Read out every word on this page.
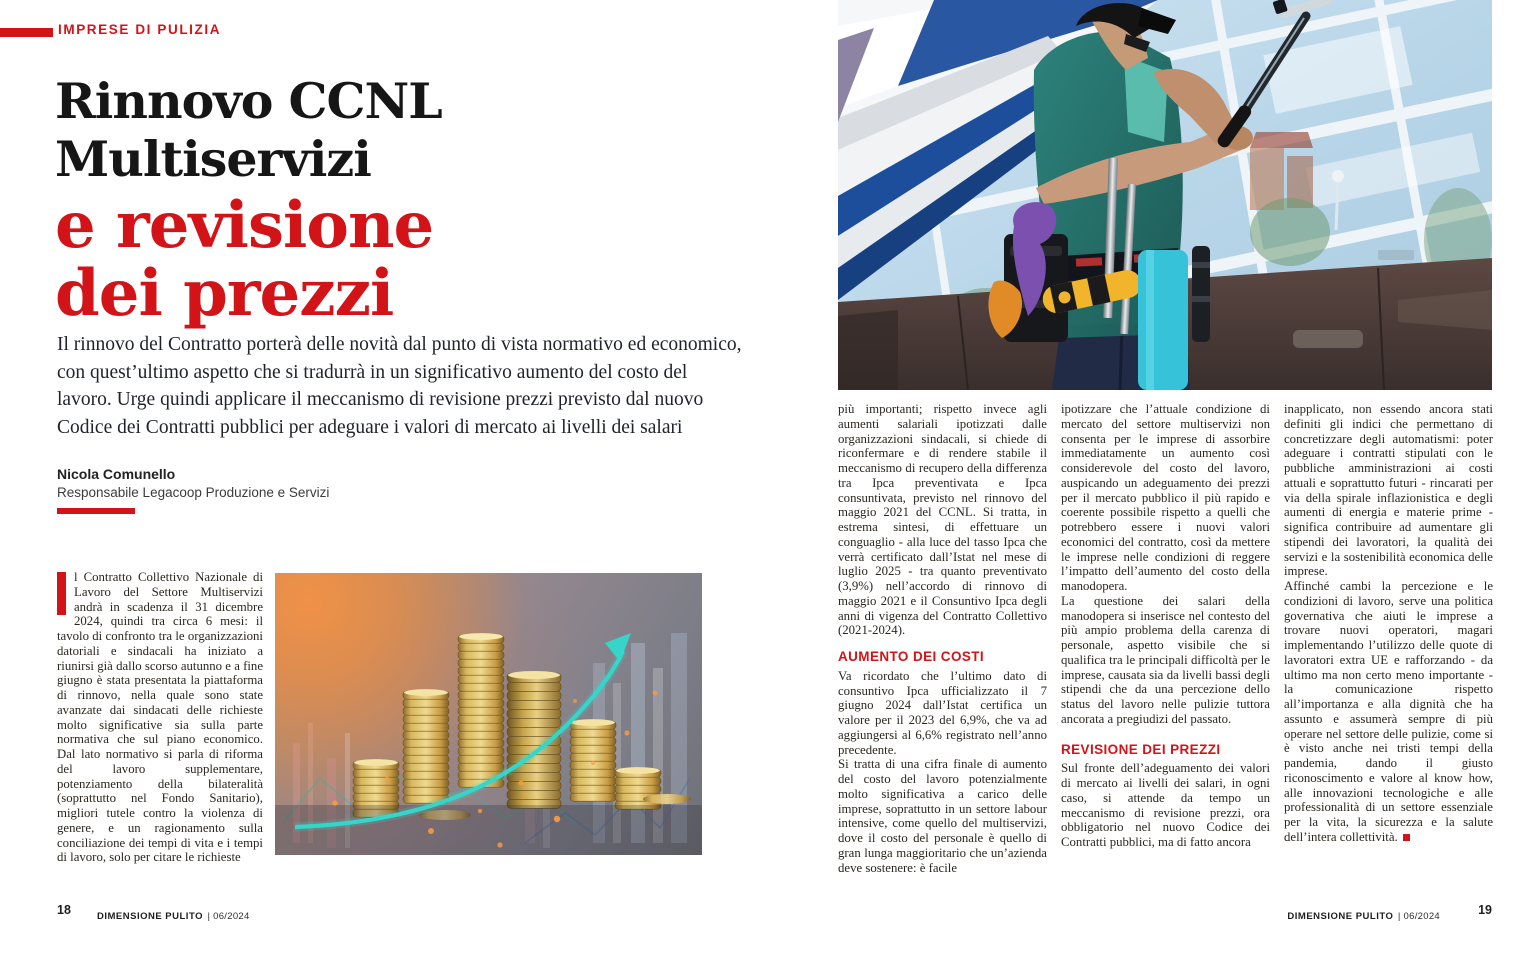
IMPRESE DI PULIZIA
Rinnovo CCNL Multiservizi
e revisione
dei prezzi
Il rinnovo del Contratto porterà delle novità dal punto di vista normativo ed economico, con quest’ultimo aspetto che si tradurrà in un significativo aumento del costo del lavoro. Urge quindi applicare il meccanismo di revisione prezzi previsto dal nuovo Codice dei Contratti pubblici per adeguare i valori di mercato ai livelli dei salari
Nicola Comunello
Responsabile Legacoop Produzione e Servizi
l Contratto Collettivo Nazionale di Lavoro del Settore Multiservizi andrà in scadenza il 31 dicembre 2024, quindi tra circa 6 mesi: il tavolo di confronto tra le organizzazioni datoriali e sindacali ha iniziato a riunirsi già dallo scorso autunno e a fine giugno è stata presentata la piattaforma di rinnovo, nella quale sono state avanzate dai sindacati delle richieste molto significative sia sulla parte normativa che sul piano economico. Dal lato normativo si parla di riforma del lavoro supplementare, potenziamento della bilateralità (soprattutto nel Fondo Sanitario), migliori tutele contro la violenza di genere, e un ragionamento sulla conciliazione dei tempi di vita e i tempi di lavoro, solo per citare le richieste
18	DIMENSIONE PULITO | 06/2024

più importanti; rispetto invece agli aumenti salariali ipotizzati dalle organizzazioni sindacali, si chiede di riconfermare e di rendere stabile il meccanismo di recupero della differenza tra Ipca preventivata e Ipca consuntivata, previsto nel rinnovo del maggio 2021 del CCNL. Si tratta, in estrema sintesi, di effettuare un conguaglio - alla luce del tasso Ipca che verrà certificato dall’Istat nel mese di luglio 2025 - tra quanto preventivato (3,9%) nell’accordo di rinnovo di maggio 2021 e il Consuntivo Ipca degli anni di vigenza del Contratto Collettivo (2021-2024).

AUMENTO DEI COSTI

Va ricordato che l’ultimo dato di consuntivo Ipca ufficializzato il 7 giugno 2024 dall’Istat certifica un valore per il 2023 del 6,9%, che va ad aggiungersi al 6,6% registrato nell’anno precedente.

Si tratta di una cifra finale di aumento del costo del lavoro potenzialmente molto significativa a carico delle imprese, soprattutto in un settore labour intensive, come quello del multiservizi, dove il costo del personale è quello di gran lunga maggioritario che un’azienda deve sostenere: è facile

ipotizzare che l’attuale condizione di mercato del settore multiservizi non consenta per le imprese di assorbire immediatamente un aumento così considerevole del costo del lavoro, auspicando un adeguamento dei prezzi per il mercato pubblico il più rapido e coerente possibile rispetto a quelli che potrebbero essere i nuovi valori economici del contratto, così da mettere le imprese nelle condizioni di reggere l’impatto dell’aumento del costo della manodopera.

La questione dei salari della manodopera si inserisce nel contesto del più ampio problema della carenza di personale, aspetto visibile che si qualifica tra le principali difficoltà per le imprese, causata sia da livelli bassi degli stipendi che da una percezione dello status del lavoro nelle pulizie tuttora ancorata a pregiudizi del passato.

REVISIONE DEI PREZZI

Sul fronte dell’adeguamento dei valori di mercato ai livelli dei salari, in ogni caso, si attende da tempo un meccanismo di revisione prezzi, ora obbligatorio nel nuovo Codice dei Contratti pubblici, ma di fatto ancora

inapplicato, non essendo ancora stati definiti gli indici che permettano di concretizzare degli automatismi: poter adeguare i contratti stipulati con le pubbliche amministrazioni ai costi attuali e soprattutto futuri - rincarati per via della spirale inflazionistica e degli aumenti di energia e materie prime - significa contribuire ad aumentare gli stipendi dei lavoratori, la qualità dei servizi e la sostenibilità economica delle imprese.

Affinché cambi la percezione e le condizioni di lavoro, serve una politica governativa che aiuti le imprese a trovare nuovi operatori, magari implementando l’utilizzo delle quote di lavoratori extra UE e rafforzando - da ultimo ma non certo meno importante - la comunicazione rispetto all’importanza e alla dignità che ha assunto e assumerà sempre di più operare nel settore delle pulizie, come si è visto anche nei tristi tempi della pandemia, dando il giusto riconoscimento e valore al know how, alle innovazioni tecnologiche e alle professionalità di un settore essenziale per la vita, la sicurezza e la salute dell’intera collettività.

DIMENSIONE PULITO | 06/2024	19
